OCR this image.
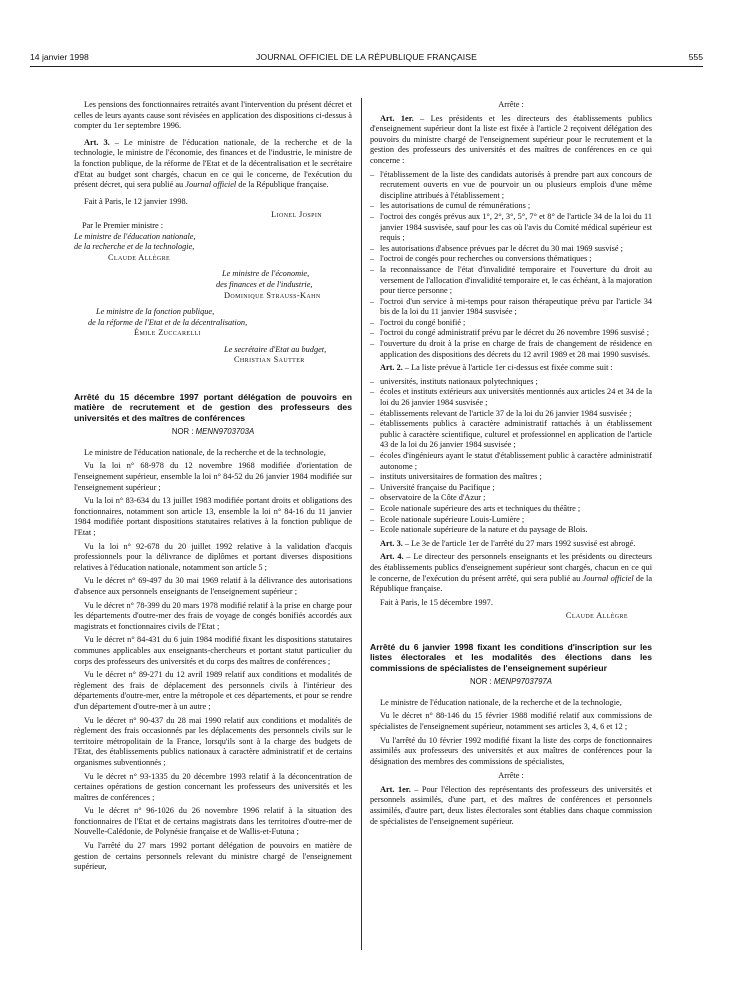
14 janvier 1998	JOURNAL OFFICIEL DE LA RÉPUBLIQUE FRANÇAISE	555

Les pensions des fonctionnaires retraités avant l'intervention du présent décret et celles de leurs ayants cause sont révisées en application des dispositions ci-dessus à compter du 1er septembre 1996.

Art. 3. – Le ministre de l'éducation nationale, de la recherche et de la technologie, le ministre de l'économie, des finances et de l'industrie, le ministre de la fonction publique, de la réforme de l'Etat et de la décentralisation et le secrétaire d'Etat au budget sont chargés, chacun en ce qui le concerne, de l'exécution du présent décret, qui sera publié au Journal officiel de la République française.

Fait à Paris, le 12 janvier 1998.

Lionel Jospin

Par le Premier ministre :

Le ministre de l'éducation nationale,

de la recherche et de la technologie,

Claude Allègre

Le ministre de l'économie,

des finances et de l'industrie,

Dominique Strauss-Kahn

Le ministre de la fonction publique,

de la réforme de l'Etat et de la décentralisation,

Émile Zuccarelli

Le secrétaire d'Etat au budget,

Christian Sautter

Arrêté du 15 décembre 1997 portant délégation de pouvoirs en matière de recrutement et de gestion des professeurs des universités et des maîtres de conférences

NOR : MENN9703703A

Le ministre de l'éducation nationale, de la recherche et de la technologie,

Vu la loi n° 68-978 du 12 novembre 1968 modifiée d'orientation de l'enseignement supérieur, ensemble la loi n° 84-52 du 26 janvier 1984 modifiée sur l'enseignement supérieur ;

Vu la loi n° 83-634 du 13 juillet 1983 modifiée portant droits et obligations des fonctionnaires, notamment son article 13, ensemble la loi n° 84-16 du 11 janvier 1984 modifiée portant dispositions statutaires relatives à la fonction publique de l'Etat ;

Vu la loi n° 92-678 du 20 juillet 1992 relative à la validation d'acquis professionnels pour la délivrance de diplômes et portant diverses dispositions relatives à l'éducation nationale, notamment son article 5 ;

Vu le décret n° 69-497 du 30 mai 1969 relatif à la délivrance des autorisations d'absence aux personnels enseignants de l'enseignement supérieur ;

Vu le décret n° 78-399 du 20 mars 1978 modifié relatif à la prise en charge pour les départements d'outre-mer des frais de voyage de congés bonifiés accordés aux magistrats et fonctionnaires civils de l'Etat ;

Vu le décret n° 84-431 du 6 juin 1984 modifié fixant les dispositions statutaires communes applicables aux enseignants-chercheurs et portant statut particulier du corps des professeurs des universités et du corps des maîtres de conférences ;

Vu le décret n° 89-271 du 12 avril 1989 relatif aux conditions et modalités de règlement des frais de déplacement des personnels civils à l'intérieur des départements d'outre-mer, entre la métropole et ces départements, et pour se rendre d'un département d'outre-mer à un autre ;

Vu le décret n° 90-437 du 28 mai 1990 relatif aux conditions et modalités de règlement des frais occasionnés par les déplacements des personnels civils sur le territoire métropolitain de la France, lorsqu'ils sont à la charge des budgets de l'Etat, des établissements publics nationaux à caractère administratif et de certains organismes subventionnés ;

Vu le décret n° 93-1335 du 20 décembre 1993 relatif à la déconcentration de certaines opérations de gestion concernant les professeurs des universités et les maîtres de conférences ;

Vu le décret n° 96-1026 du 26 novembre 1996 relatif à la situation des fonctionnaires de l'Etat et de certains magistrats dans les territoires d'outre-mer de Nouvelle-Calédonie, de Polynésie française et de Wallis-et-Futuna ;

Vu l'arrêté du 27 mars 1992 portant délégation de pouvoirs en matière de gestion de certains personnels relevant du ministre chargé de l'enseignement supérieur,

Arrête :

Art. 1er. – Les présidents et les directeurs des établissements publics d'enseignement supérieur dont la liste est fixée à l'article 2 reçoivent délégation des pouvoirs du ministre chargé de l'enseignement supérieur pour le recrutement et la gestion des professeurs des universités et des maîtres de conférences en ce qui concerne :

– l'établissement de la liste des candidats autorisés à prendre part aux concours de recrutement ouverts en vue de pourvoir un ou plusieurs emplois d'une même discipline attribués à l'établissement ;
– les autorisations de cumul de rémunérations ;
– l'octroi des congés prévus aux 1°, 2°, 3°, 5°, 7° et 8° de l'article 34 de la loi du 11 janvier 1984 susvisée, sauf pour les cas où l'avis du Comité médical supérieur est requis ;
– les autorisations d'absence prévues par le décret du 30 mai 1969 susvisé ;
– l'octroi de congés pour recherches ou conversions thématiques ;
– la reconnaissance de l'état d'invalidité temporaire et l'ouverture du droit au versement de l'allocation d'invalidité temporaire et, le cas échéant, à la majoration pour tierce personne ;
– l'octroi d'un service à mi-temps pour raison thérapeutique prévu par l'article 34 bis de la loi du 11 janvier 1984 susvisée ;
– l'octroi du congé bonifié ;
– l'octroi du congé administratif prévu par le décret du 26 novembre 1996 susvisé ;
– l'ouverture du droit à la prise en charge de frais de changement de résidence en application des dispositions des décrets du 12 avril 1989 et 28 mai 1990 susvisés.

Art. 2. – La liste prévue à l'article 1er ci-dessus est fixée comme suit :

– universités, instituts nationaux polytechniques ;
– écoles et instituts extérieurs aux universités mentionnés aux articles 24 et 34 de la loi du 26 janvier 1984 susvisée ;
– établissements relevant de l'article 37 de la loi du 26 janvier 1984 susvisée ;
– établissements publics à caractère administratif rattachés à un établissement public à caractère scientifique, culturel et professionnel en application de l'article 43 de la loi du 26 janvier 1984 susvisée ;
– écoles d'ingénieurs ayant le statut d'établissement public à caractère administratif autonome ;
– instituts universitaires de formation des maîtres ;
– Université française du Pacifique ;
– observatoire de la Côte d'Azur ;
– Ecole nationale supérieure des arts et techniques du théâtre ;
– Ecole nationale supérieure Louis-Lumière ;
– Ecole nationale supérieure de la nature et du paysage de Blois.

Art. 3. – Le 3e de l'article 1er de l'arrêté du 27 mars 1992 susvisé est abrogé.

Art. 4. – Le directeur des personnels enseignants et les présidents ou directeurs des établissements publics d'enseignement supérieur sont chargés, chacun en ce qui le concerne, de l'exécution du présent arrêté, qui sera publié au Journal officiel de la République française.

Fait à Paris, le 15 décembre 1997.

Claude Allègre

Arrêté du 6 janvier 1998 fixant les conditions d'inscription sur les listes électorales et les modalités des élections dans les commissions de spécialistes de l'enseignement supérieur

NOR : MENP9703797A

Le ministre de l'éducation nationale, de la recherche et de la technologie,

Vu le décret n° 88-146 du 15 février 1988 modifié relatif aux commissions de spécialistes de l'enseignement supérieur, notamment ses articles 3, 4, 6 et 12 ;

Vu l'arrêté du 10 février 1992 modifié fixant la liste des corps de fonctionnaires assimilés aux professeurs des universités et aux maîtres de conférences pour la désignation des membres des commissions de spécialistes,

Arrête :

Art. 1er. – Pour l'élection des représentants des professeurs des universités et personnels assimilés, d'une part, et des maîtres de conférences et personnels assimilés, d'autre part, deux listes électorales sont établies dans chaque commission de spécialistes de l'enseignement supérieur.
